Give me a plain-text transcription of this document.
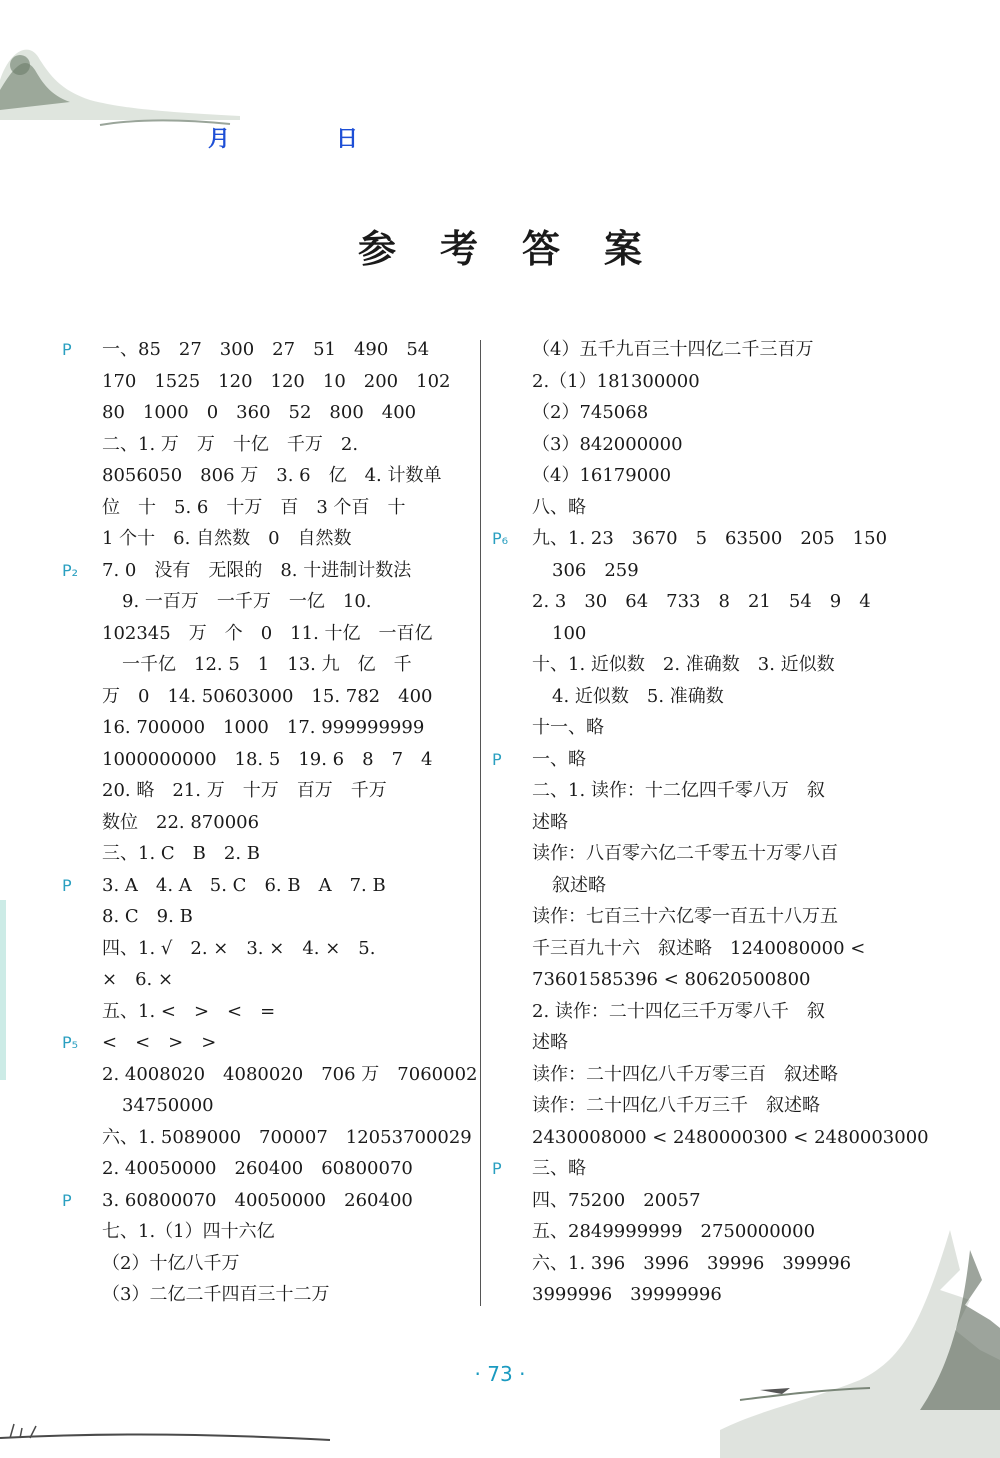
月	日
参考答案
P 一、85　27　300　27　51　490　54
170　1525　120　120　10　200　102
80　1000　0　360　52　800　400
二、1. 万　万　十亿　千万　2.
8056050　806 万　3. 6　亿　4. 计数单
位　十　5. 6　十万　百　3 个百　十
1 个十　6. 自然数　0　自然数
P₂ 7. 0　没有　无限的　8. 十进制计数法
9. 一百万　一千万　一亿　10.
102345　万　个　0　11. 十亿　一百亿
一千亿　12. 5　1　13. 九　亿　千
万　0　14. 50603000　15. 782　400
16. 700000　1000　17. 999999999
1000000000　18. 5　19. 6　8　7　4
20. 略　21. 万　十万　百万　千万
数位　22. 870006
三、1. C　B　2. B
P 3. A　4. A　5. C　6. B　A　7. B
8. C　9. B
四、1. √　2. ×　3. ×　4. ×　5.
×　6. ×
五、1. <　>　<　=
P₅ <　<　>　>
2. 4008020　4080020　706 万　7060002
34750000
六、1. 5089000　700007　12053700029
2. 40050000　260400　60800070
P 3. 60800070　40050000　260400
七、1.（1）四十六亿
（2）十亿八千万
（3）二亿二千四百三十二万
（4）五千九百三十四亿二千三百万
2.（1）181300000
（2）745068
（3）842000000
（4）16179000
八、略
P₆ 九、1. 23　3670　5　63500　205　150
306　259
2. 3　30　64　733　8　21　54　9　4
100
十、1. 近似数　2. 准确数　3. 近似数
4. 近似数　5. 准确数
十一、略
P 一、略
二、1. 读作：十二亿四千零八万　叙
述略
读作：八百零六亿二千零五十万零八百
叙述略
读作：七百三十六亿零一百五十八万五
千三百九十六　叙述略　1240080000 <
73601585396 < 80620500800
2. 读作：二十四亿三千万零八千　叙
述略
读作：二十四亿八千万零三百　叙述略
读作：二十四亿八千万三千　叙述略
2430008000 < 2480000300 < 2480003000
P 三、略
四、75200　20057
五、2849999999　2750000000
六、1. 396　3996　39996　399996
3999996　39999996
· 73 ·
